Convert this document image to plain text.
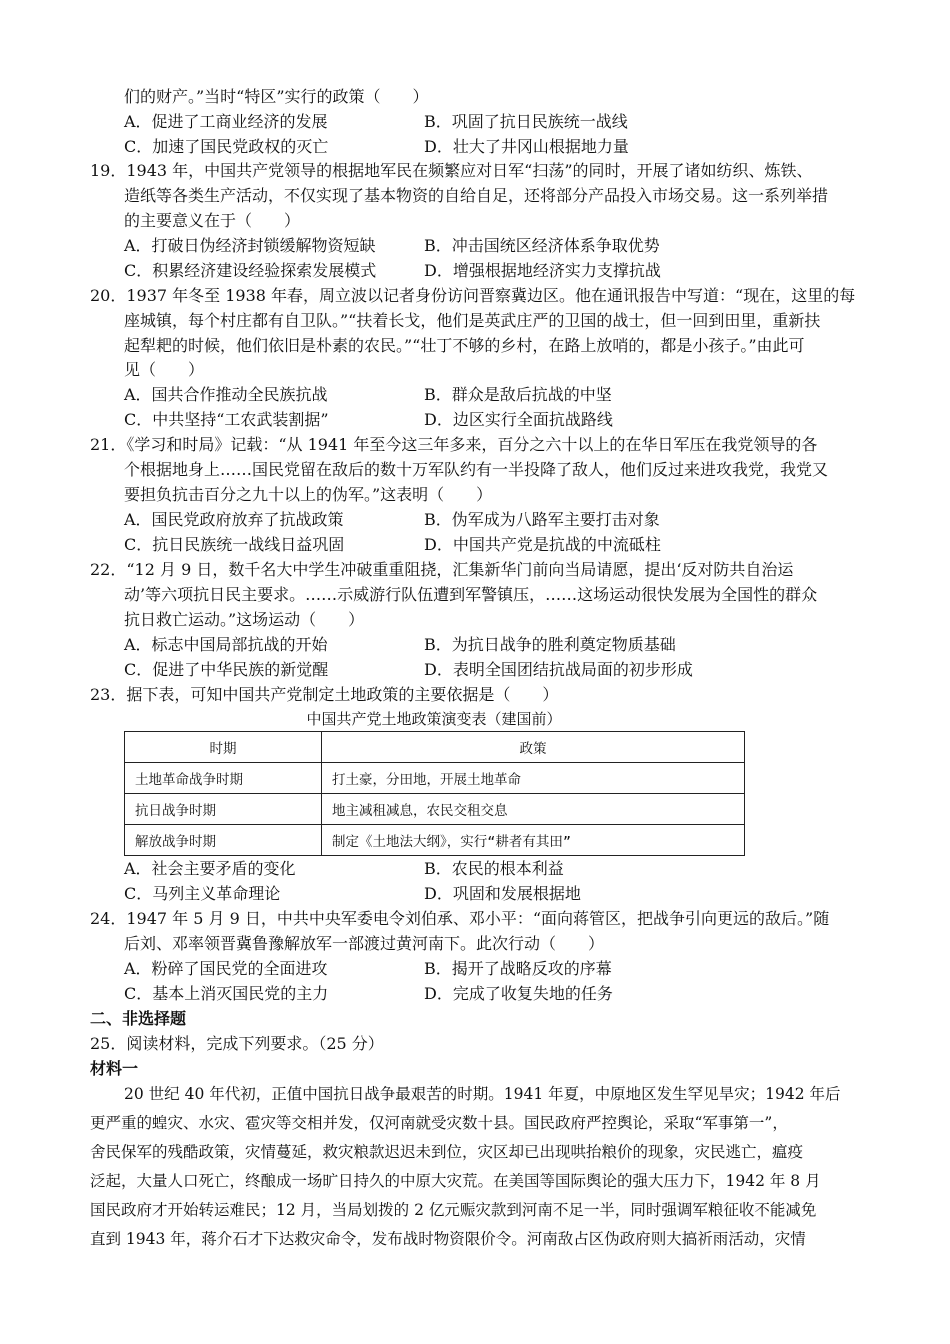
们的财产。”当时“特区”实行的政策（　　）
A．促进了工商业经济的发展	B．巩固了抗日民族统一战线
C．加速了国民党政权的灭亡	D．壮大了井冈山根据地力量
19．1943 年，中国共产党领导的根据地军民在频繁应对日军“扫荡”的同时，开展了诸如纺织、炼铁、
造纸等各类生产活动，不仅实现了基本物资的自给自足，还将部分产品投入市场交易。这一系列举措
的主要意义在于（　　）
A．打破日伪经济封锁缓解物资短缺	B．冲击国统区经济体系争取优势
C．积累经济建设经验探索发展模式	D．增强根据地经济实力支撑抗战
20．1937 年冬至 1938 年春，周立波以记者身份访问晋察冀边区。他在通讯报告中写道：“现在，这里的每
座城镇，每个村庄都有自卫队。”“扶着长戈，他们是英武庄严的卫国的战士，但一回到田里，重新扶
起犁耙的时候，他们依旧是朴素的农民。”“壮丁不够的乡村，在路上放哨的，都是小孩子。”由此可
见（　　）
A．国共合作推动全民族抗战	B．群众是敌后抗战的中坚
C．中共坚持“工农武装割据”	D．边区实行全面抗战路线
21．《学习和时局》记载：“从 1941 年至今这三年多来，百分之六十以上的在华日军压在我党领导的各
个根据地身上……国民党留在敌后的数十万军队约有一半投降了敌人，他们反过来进攻我党，我党又
要担负抗击百分之九十以上的伪军。”这表明（　　）
A．国民党政府放弃了抗战政策	B．伪军成为八路军主要打击对象
C．抗日民族统一战线日益巩固	D．中国共产党是抗战的中流砥柱
22．“12 月 9 日，数千名大中学生冲破重重阻挠，汇集新华门前向当局请愿，提出‘反对防共自治运
动’等六项抗日民主要求。……示威游行队伍遭到军警镇压，……这场运动很快发展为全国性的群众
抗日救亡运动。”这场运动（　　）
A．标志中国局部抗战的开始	B．为抗日战争的胜利奠定物质基础
C．促进了中华民族的新觉醒	D．表明全国团结抗战局面的初步形成
23．据下表，可知中国共产党制定土地政策的主要依据是（　　）
中国共产党土地政策演变表（建国前）
时期	政策
土地革命战争时期	打土豪，分田地，开展土地革命
抗日战争时期	地主减租减息，农民交租交息
解放战争时期	制定《土地法大纲》，实行“耕者有其田”
A．社会主要矛盾的变化	B．农民的根本利益
C．马列主义革命理论	D．巩固和发展根据地
24．1947 年 5 月 9 日，中共中央军委电令刘伯承、邓小平：“面向蒋管区，把战争引向更远的敌后。”随
后刘、邓率领晋冀鲁豫解放军一部渡过黄河南下。此次行动（　　）
A．粉碎了国民党的全面进攻	B．揭开了战略反攻的序幕
C．基本上消灭国民党的主力	D．完成了收复失地的任务
二、非选择题
25．阅读材料，完成下列要求。（25 分）
材料一
20 世纪 40 年代初，正值中国抗日战争最艰苦的时期。1941 年夏，中原地区发生罕见旱灾；1942 年后
更严重的蝗灾、水灾、雹灾等交相并发，仅河南就受灾数十县。国民政府严控舆论，采取“军事第一”，
舍民保军的残酷政策，灾情蔓延，救灾粮款迟迟未到位，灾区却已出现哄抬粮价的现象，灾民逃亡，瘟疫
泛起，大量人口死亡，终酿成一场旷日持久的中原大灾荒。在美国等国际舆论的强大压力下，1942 年 8 月
国民政府才开始转运难民；12 月，当局划拨的 2 亿元赈灾款到河南不足一半，同时强调军粮征收不能减免
直到 1943 年，蒋介石才下达救灾命令，发布战时物资限价令。河南敌占区伪政府则大搞祈雨活动，灾情
